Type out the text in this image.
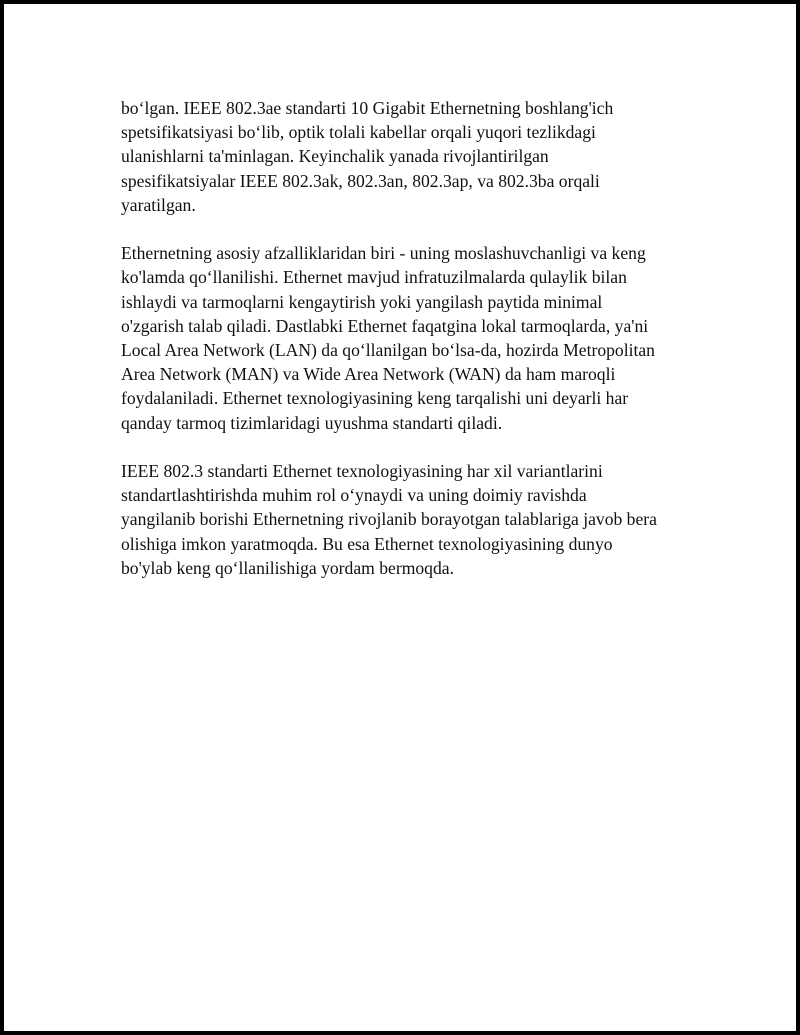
bo‘lgan. IEEE 802.3ae standarti 10 Gigabit Ethernetning boshlang'ich
spetsifikatsiyasi bo‘lib, optik tolali kabellar orqali yuqori tezlikdagi
ulanishlarni ta'minlagan. Keyinchalik yanada rivojlantirilgan
spesifikatsiyalar IEEE 802.3ak, 802.3an, 802.3ap, va 802.3ba orqali
yaratilgan.

Ethernetning asosiy afzalliklaridan biri - uning moslashuvchanligi va keng
ko'lamda qo‘llanilishi. Ethernet mavjud infratuzilmalarda qulaylik bilan
ishlaydi va tarmoqlarni kengaytirish yoki yangilash paytida minimal
o'zgarish talab qiladi. Dastlabki Ethernet faqatgina lokal tarmoqlarda, ya'ni
Local Area Network (LAN) da qo‘llanilgan bo‘lsa-da, hozirda Metropolitan
Area Network (MAN) va Wide Area Network (WAN) da ham maroqli
foydalaniladi. Ethernet texnologiyasining keng tarqalishi uni deyarli har
qanday tarmoq tizimlaridagi uyushma standarti qiladi.

IEEE 802.3 standarti Ethernet texnologiyasining har xil variantlarini
standartlashtirishda muhim rol o‘ynaydi va uning doimiy ravishda
yangilanib borishi Ethernetning rivojlanib borayotgan talablariga javob bera
olishiga imkon yaratmoqda. Bu esa Ethernet texnologiyasining dunyo
bo'ylab keng qo‘llanilishiga yordam bermoqda.
